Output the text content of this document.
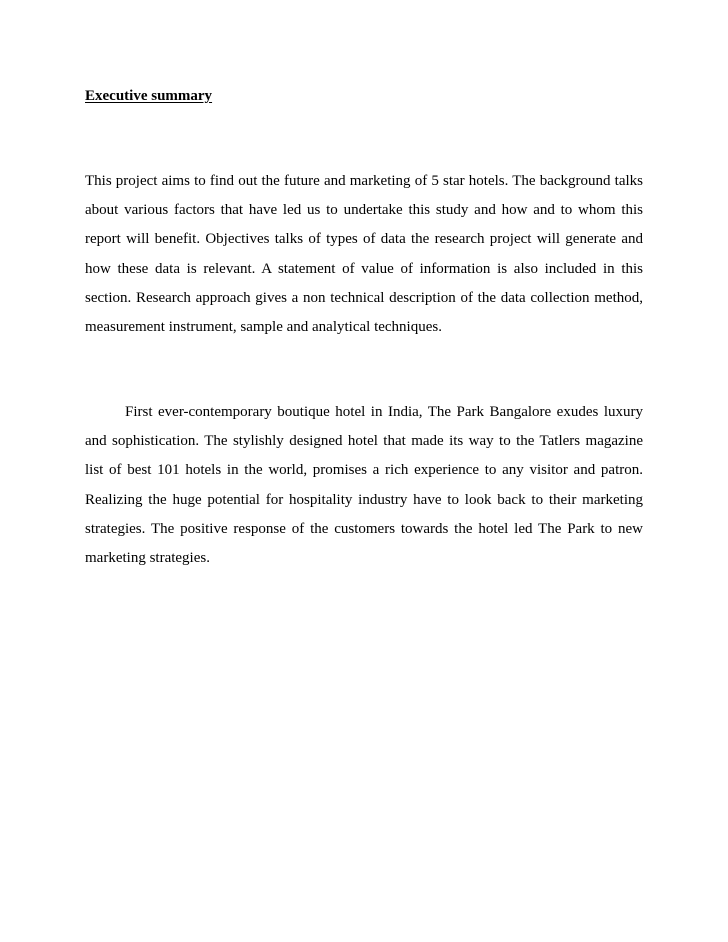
Executive summary

This project aims to find out the future and marketing of 5 star hotels. The background talks about various factors that have led us to undertake this study and how and to whom this report will benefit. Objectives talks of types of data the research project will generate and how these data is relevant. A statement of value of information is also included in this section. Research approach gives a non technical description of the data collection method, measurement instrument, sample and analytical techniques.

First ever-contemporary boutique hotel in India, The Park Bangalore exudes luxury and sophistication. The stylishly designed hotel that made its way to the Tatlers magazine list of best 101 hotels in the world, promises a rich experience to any visitor and patron. Realizing the huge potential for hospitality industry have to look back to their marketing strategies. The positive response of the customers towards the hotel led The Park to new marketing strategies.
